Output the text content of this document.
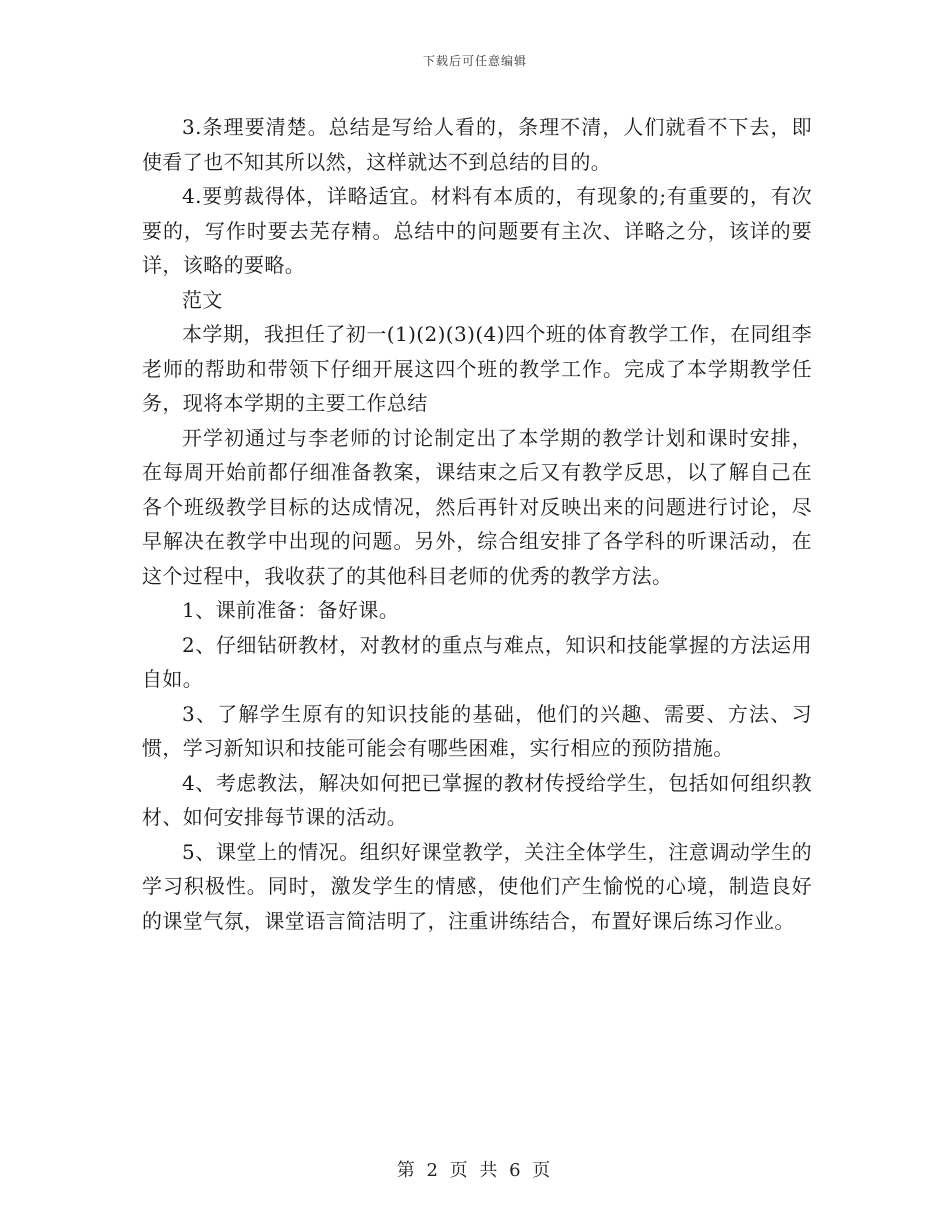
下载后可任意编辑

3.条理要清楚。总结是写给人看的，条理不清，人们就看不下去，即使看了也不知其所以然，这样就达不到总结的目的。

4.要剪裁得体，详略适宜。材料有本质的，有现象的;有重要的，有次要的，写作时要去芜存精。总结中的问题要有主次、详略之分，该详的要详，该略的要略。

范文

本学期，我担任了初一(1)(2)(3)(4)四个班的体育教学工作，在同组李老师的帮助和带领下仔细开展这四个班的教学工作。完成了本学期教学任务，现将本学期的主要工作总结

开学初通过与李老师的讨论制定出了本学期的教学计划和课时安排，在每周开始前都仔细准备教案，课结束之后又有教学反思，以了解自己在各个班级教学目标的达成情况，然后再针对反映出来的问题进行讨论，尽早解决在教学中出现的问题。另外，综合组安排了各学科的听课活动，在这个过程中，我收获了的其他科目老师的优秀的教学方法。

1、课前准备：备好课。

2、仔细钻研教材，对教材的重点与难点，知识和技能掌握的方法运用自如。

3、了解学生原有的知识技能的基础，他们的兴趣、需要、方法、习惯，学习新知识和技能可能会有哪些困难，实行相应的预防措施。

4、考虑教法，解决如何把已掌握的教材传授给学生，包括如何组织教材、如何安排每节课的活动。

5、课堂上的情况。组织好课堂教学，关注全体学生，注意调动学生的学习积极性。同时，激发学生的情感，使他们产生愉悦的心境，制造良好的课堂气氛，课堂语言简洁明了，注重讲练结合，布置好课后练习作业。

第 2 页 共 6 页
